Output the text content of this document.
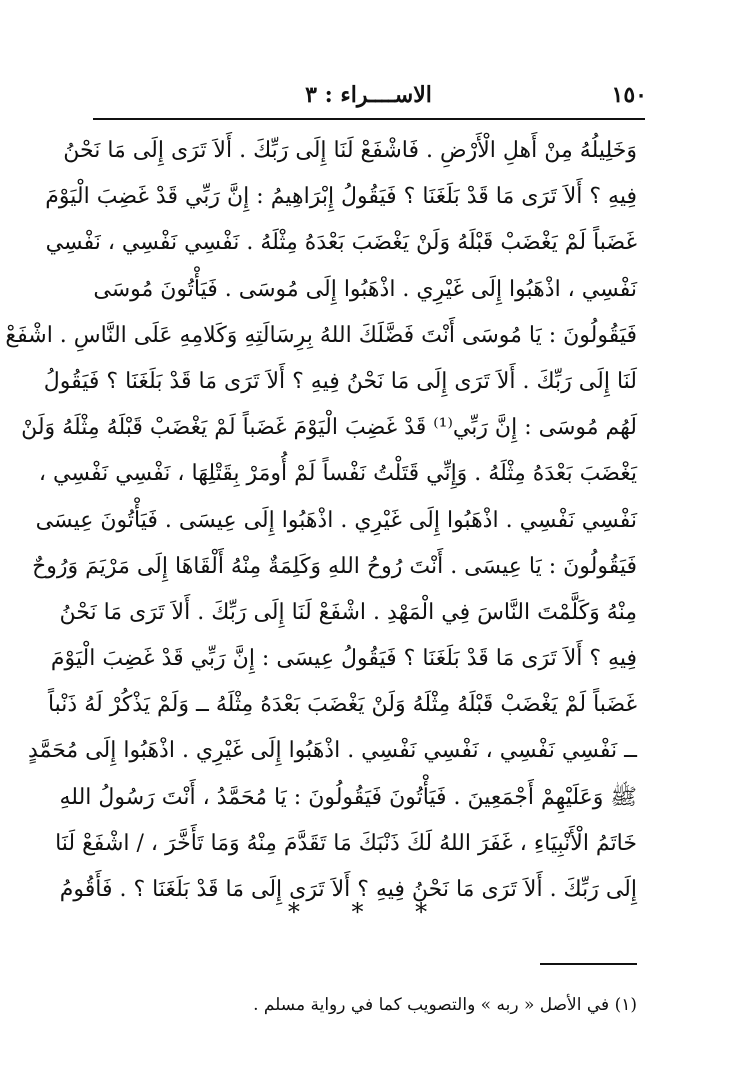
١٥٠
الاســــراء : ٣
وَخَلِيلُهُ مِنْ أَهلِ الْأَرْضِ . فَاشْفَعْ لَنَا إِلَى رَبِّكَ . أَلاَ تَرَى إِلَى مَا نَحْنُ
فِيهِ ؟ أَلاَ تَرَى مَا قَدْ بَلَغَنَا ؟ فَيَقُولُ إِبْرَاهِيمُ : إِنَّ رَبِّي قَدْ غَضِبَ الْيَوْمَ
غَضَباً لَمْ يَغْضَبْ قَبْلَهُ وَلَنْ يَغْضَبَ بَعْدَهُ مِثْلَهُ . نَفْسِي نَفْسِي ، نَفْسِي
نَفْسِي ، اذْهَبُوا إِلَى غَيْرِي . اذْهَبُوا إِلَى مُوسَى . فَيَأْتُونَ مُوسَى
فَيَقُولُونَ : يَا مُوسَى أَنْتَ فَضَّلَكَ اللهُ بِرِسَالَتِهِ وَكَلامِهِ عَلَى النَّاسِ . اشْفَعْ
لَنَا إِلَى رَبِّكَ . أَلاَ تَرَى إِلَى مَا نَحْنُ فِيهِ ؟ أَلاَ تَرَى مَا قَدْ بَلَغَنَا ؟ فَيَقُولُ
لَهُم مُوسَى : إِنَّ رَبِّي⁽¹⁾ قَدْ غَضِبَ الْيَوْمَ غَضَباً لَمْ يَغْضَبْ قَبْلَهُ مِثْلَهُ وَلَنْ
يَغْضَبَ بَعْدَهُ مِثْلَهُ . وَإِنِّي قَتَلْتُ نَفْساً لَمْ أُومَرْ بِقَتْلِهَا ، نَفْسِي نَفْسِي ،
نَفْسِي نَفْسِي . اذْهَبُوا إِلَى غَيْرِي . اذْهَبُوا إِلَى عِيسَى . فَيَأْتُونَ عِيسَى
فَيَقُولُونَ : يَا عِيسَى . أَنْتَ رُوحُ اللهِ وَكَلِمَةٌ مِنْهُ أَلْقَاهَا إِلَى مَرْيَمَ وَرُوحٌ
مِنْهُ وَكَلَّمْتَ النَّاسَ فِي الْمَهْدِ . اشْفَعْ لَنَا إِلَى رَبِّكَ . أَلاَ تَرَى مَا نَحْنُ
فِيهِ ؟ أَلاَ تَرَى مَا قَدْ بَلَغَنَا ؟ فَيَقُولُ عِيسَى : إِنَّ رَبِّي قَدْ غَضِبَ الْيَوْمَ
غَضَباً لَمْ يَغْضَبْ قَبْلَهُ مِثْلَهُ وَلَنْ يَغْضَبَ بَعْدَهُ مِثْلَهُ ــ وَلَمْ يَذْكُرْ لَهُ ذَنْباً
ــ نَفْسِي نَفْسِي ، نَفْسِي نَفْسِي . اذْهَبُوا إِلَى غَيْرِي . اذْهَبُوا إِلَى مُحَمَّدٍ
ﷺ وَعَلَيْهِمْ أَجْمَعِينَ . فَيَأْتُونَ فَيَقُولُونَ : يَا مُحَمَّدُ ، أَنْتَ رَسُولُ اللهِ
خَاتَمُ الْأَنْبِيَاءِ ، غَفَرَ اللهُ لَكَ ذَنْبَكَ مَا تَقَدَّمَ مِنْهُ وَمَا تَأَخَّرَ ، / اشْفَعْ لَنَا
إِلَى رَبِّكَ . أَلاَ تَرَى مَا نَحْنُ فِيهِ ؟ أَلاَ تَرَى إِلَى مَا قَدْ بَلَغَنَا ؟ . فَأَقُومُ
* * *
(١) في الأصل « ربه » والتصويب كما في رواية مسلم .
